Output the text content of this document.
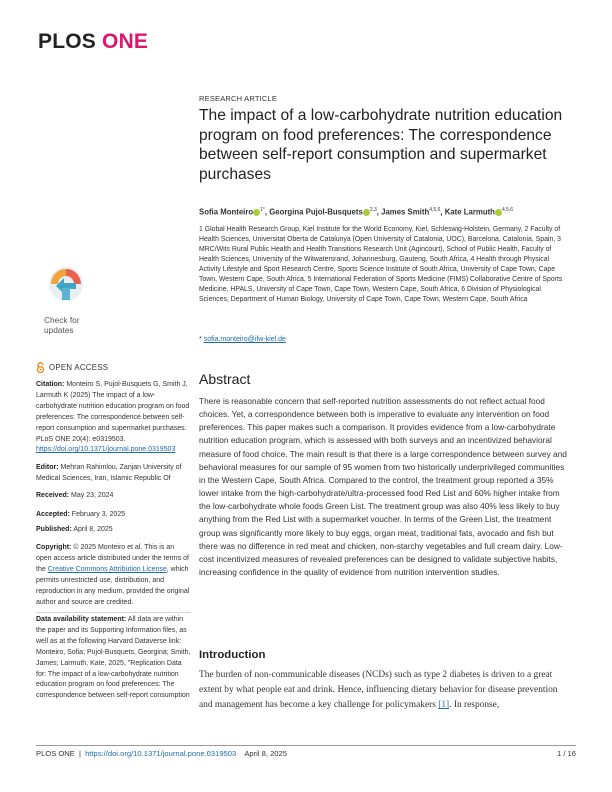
PLOS ONE
Check for
updates
OPEN ACCESS
Citation: Monteiro S, Pujol-Busquets G, Smith J, Larmuth K (2025) The impact of a low-carbohydrate nutrition education program on food preferences: The correspondence between self-report consumption and supermarket purchases. PLoS ONE 20(4): e0319503. https://doi.org/10.1371/journal.pone.0319503
Editor: Mehran Rahimlou, Zanjan University of Medical Sciences, Iran, Islamic Republic Of
Received: May 23, 2024
Accepted: February 3, 2025
Published: April 8, 2025
Copyright: © 2025 Monteiro et al. This is an open access article distributed under the terms of the Creative Commons Attribution License, which permits unrestricted use, distribution, and reproduction in any medium, provided the original author and source are credited.
Data availability statement: All data are within the paper and its Supporting Information files, as well as at the following Harvard Dataverse link: Monteiro, Sofia; Pujol-Busquets, Georgina; Smith, James; Larmuth, Kate, 2025, "Replication Data for: The impact of a low-carbohydrate nutrition education program on food preferences: The correspondence between self-report consumption
RESEARCH ARTICLE
The impact of a low-carbohydrate nutrition education program on food preferences: The correspondence between self-report consumption and supermarket purchases
Sofia Monteiro $^{1*}$, Georgina Pujol-Busquets $^{2,3}$, James Smith$^{4,5,6}$, Kate Larmuth $^{4,5,6}$
1 Global Health Research Group, Kiel Institute for the World Economy, Kiel, Schleswig-Holstein, Germany, 2 Faculty of Health Sciences, Universitat Oberta de Catalunya (Open University of Catalonia, UOC), Barcelona, Catalonia, Spain, 3 MRC/Wits Rural Public Health and Health Transitions Research Unit (Agincourt), School of Public Health, Faculty of Health Sciences, University of the Witwatersrand, Johannesburg, Gauteng, South Africa, 4 Health through Physical Activity Lifestyle and Sport Research Centre, Sports Science Institute of South Africa, University of Cape Town, Cape Town, Western Cape, South Africa, 5 International Federation of Sports Medicine (FIMS) Collaborative Centre of Sports Medicine, HPALS, University of Cape Town, Cape Town, Western Cape, South Africa, 6 Division of Physiological Sciences, Department of Human Biology, University of Cape Town, Cape Town, Western Cape, South Africa
* sofia.monteiro@ifw-kiel.de
Abstract

There is reasonable concern that self-reported nutrition assessments do not reflect actual food choices. Yet, a correspondence between both is imperative to evaluate any intervention on food preferences. This paper makes such a comparison. It provides evidence from a low-carbohydrate nutrition education program, which is assessed with both surveys and an incentivized behavioral measure of food choice. The main result is that there is a large correspondence between survey and behavioral measures for our sample of 95 women from two historically underprivileged communities in the Western Cape, South Africa. Compared to the control, the treatment group reported a 35% lower intake from the high-carbohydrate/ultra-processed food Red List and 60% higher intake from the low-carbohydrate whole foods Green List. The treatment group was also 40% less likely to buy anything from the Red List with a supermarket voucher. In terms of the Green List, the treatment group was significantly more likely to buy eggs, organ meat, traditional fats, avocado and fish but there was no difference in red meat and chicken, non-starchy vegetables and full cream dairy. Low-cost incentivized measures of revealed preferences can be designed to validate subjective habits, increasing confidence in the quality of evidence from nutrition intervention studies.

Introduction

The burden of non-communicable diseases (NCDs) such as type 2 diabetes is driven to a great extent by what people eat and drink. Hence, influencing dietary behavior for disease prevention and management has become a key challenge for policymakers [1]. In response,

PLOS ONE | https://doi.org/10.1371/journal.pone.0319503 April 8, 2025	1 / 16
